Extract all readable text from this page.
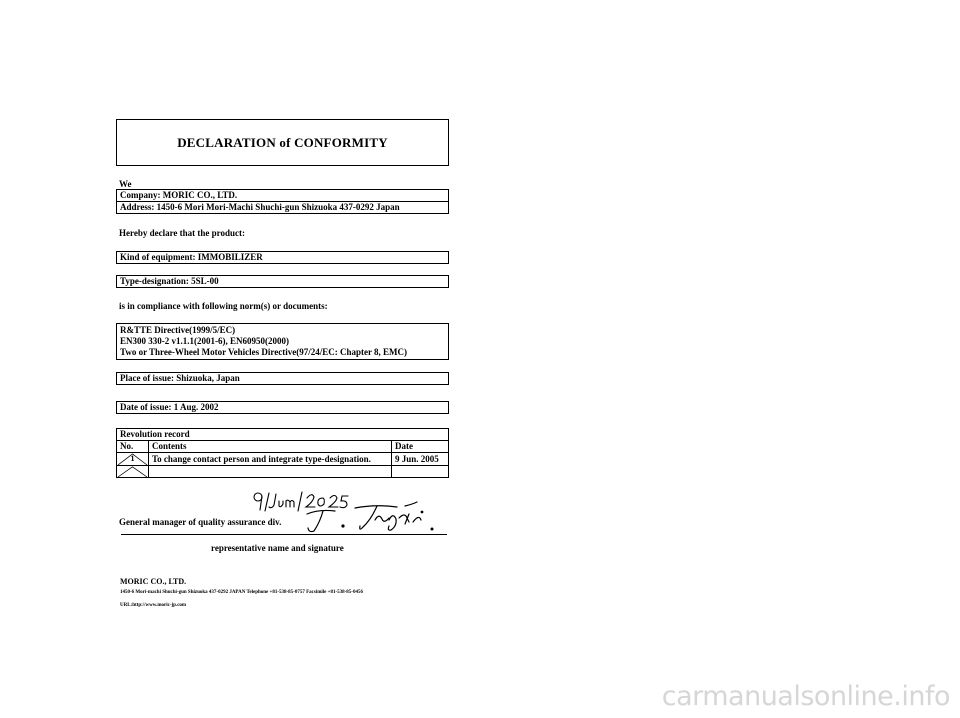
DECLARATION of CONFORMITY
We
Company: MORIC CO., LTD.
Address: 1450-6 Mori Mori-Machi Shuchi-gun Shizuoka 437-0292 Japan
Hereby declare that the product:
Kind of equipment: IMMOBILIZER
Type-designation: 5SL-00
is in compliance with following norm(s) or documents:
R&TTE Directive(1999/5/EC)
EN300 330-2 v1.1.1(2001-6), EN60950(2000)
Two or Three-Wheel Motor Vehicles Directive(97/24/EC: Chapter 8, EMC)
Place of issue: Shizuoka, Japan
Date of issue: 1 Aug. 2002
Revolution record		
No.	Contents	Date

1	To change contact person and integrate type-designation.	9 Jun. 2005

General manager of quality assurance div.
representative name and signature
MORIC CO., LTD.
1450-6 Mori-machi Shuchi-gun Shizuoka 437-0292 JAPAN Telephone +81-538-85-0757 Facsimile +81-538-85-0456
URL:http://www.moric-jp.com
carmanualsonline.info
